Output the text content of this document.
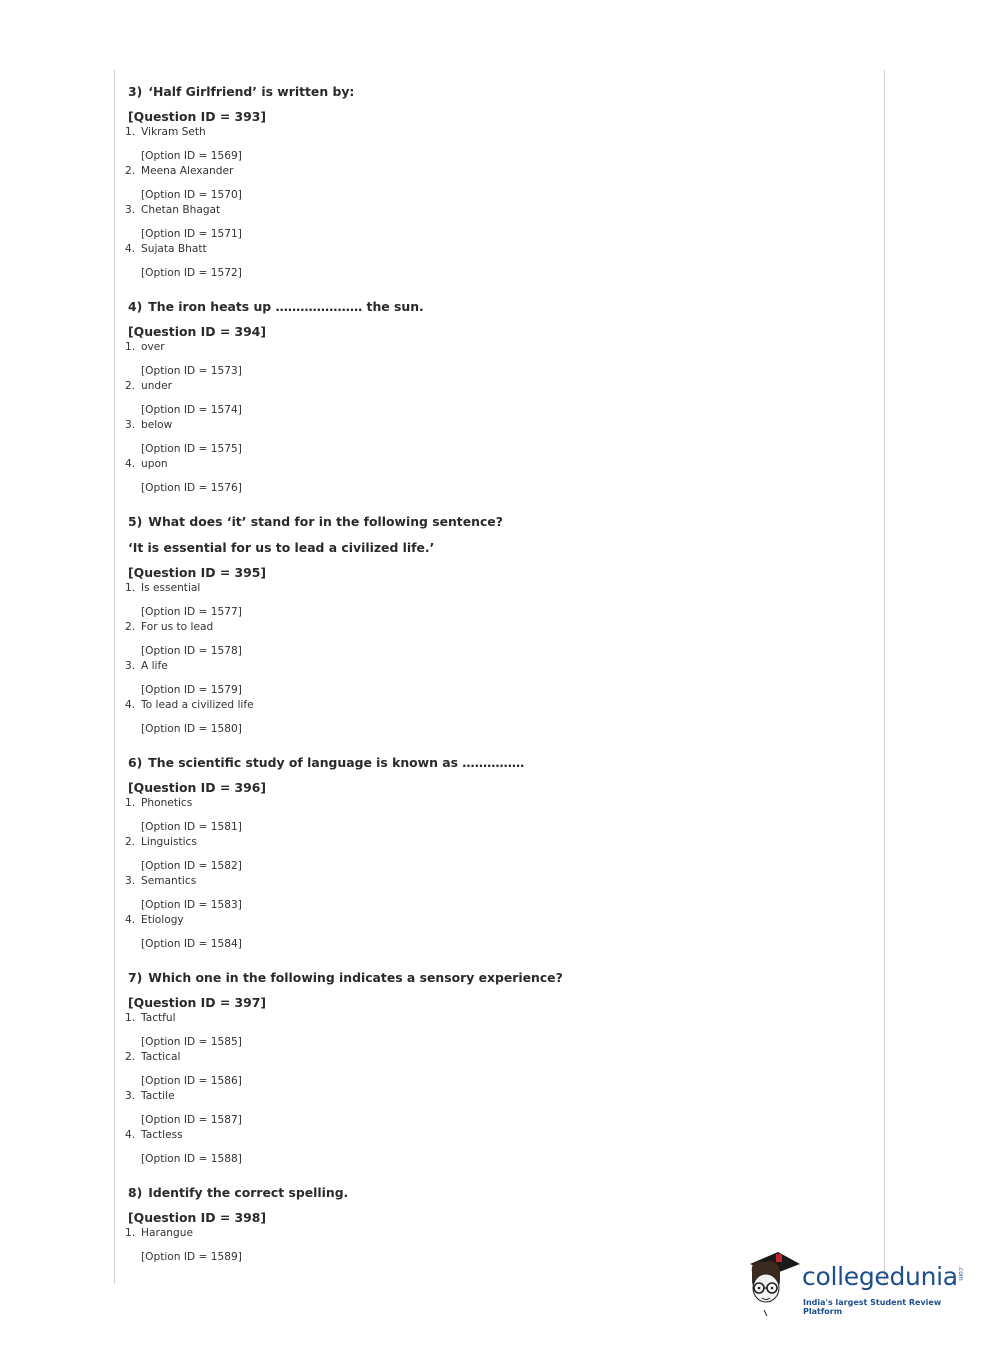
3) ‘Half Girlfriend’ is written by:
[Question ID = 393]
1. Vikram Seth
[Option ID = 1569]
2. Meena Alexander
[Option ID = 1570]
3. Chetan Bhagat
[Option ID = 1571]
4. Sujata Bhatt
[Option ID = 1572]
4) The iron heats up ………………… the sun.
[Question ID = 394]
1. over
[Option ID = 1573]
2. under
[Option ID = 1574]
3. below
[Option ID = 1575]
4. upon
[Option ID = 1576]
5) What does ‘it’ stand for in the following sentence?
‘It is essential for us to lead a civilized life.’
[Question ID = 395]
1. Is essential
[Option ID = 1577]
2. For us to lead
[Option ID = 1578]
3. A life
[Option ID = 1579]
4. To lead a civilized life
[Option ID = 1580]
6) The scientific study of language is known as ……………
[Question ID = 396]
1. Phonetics
[Option ID = 1581]
2. Linguistics
[Option ID = 1582]
3. Semantics
[Option ID = 1583]
4. Etiology
[Option ID = 1584]
7) Which one in the following indicates a sensory experience?
[Question ID = 397]
1. Tactful
[Option ID = 1585]
2. Tactical
[Option ID = 1586]
3. Tactile
[Option ID = 1587]
4. Tactless
[Option ID = 1588]
8) Identify the correct spelling.
[Question ID = 398]
1. Harangue
[Option ID = 1589]
collegedunia .com
India's largest Student Review Platform
